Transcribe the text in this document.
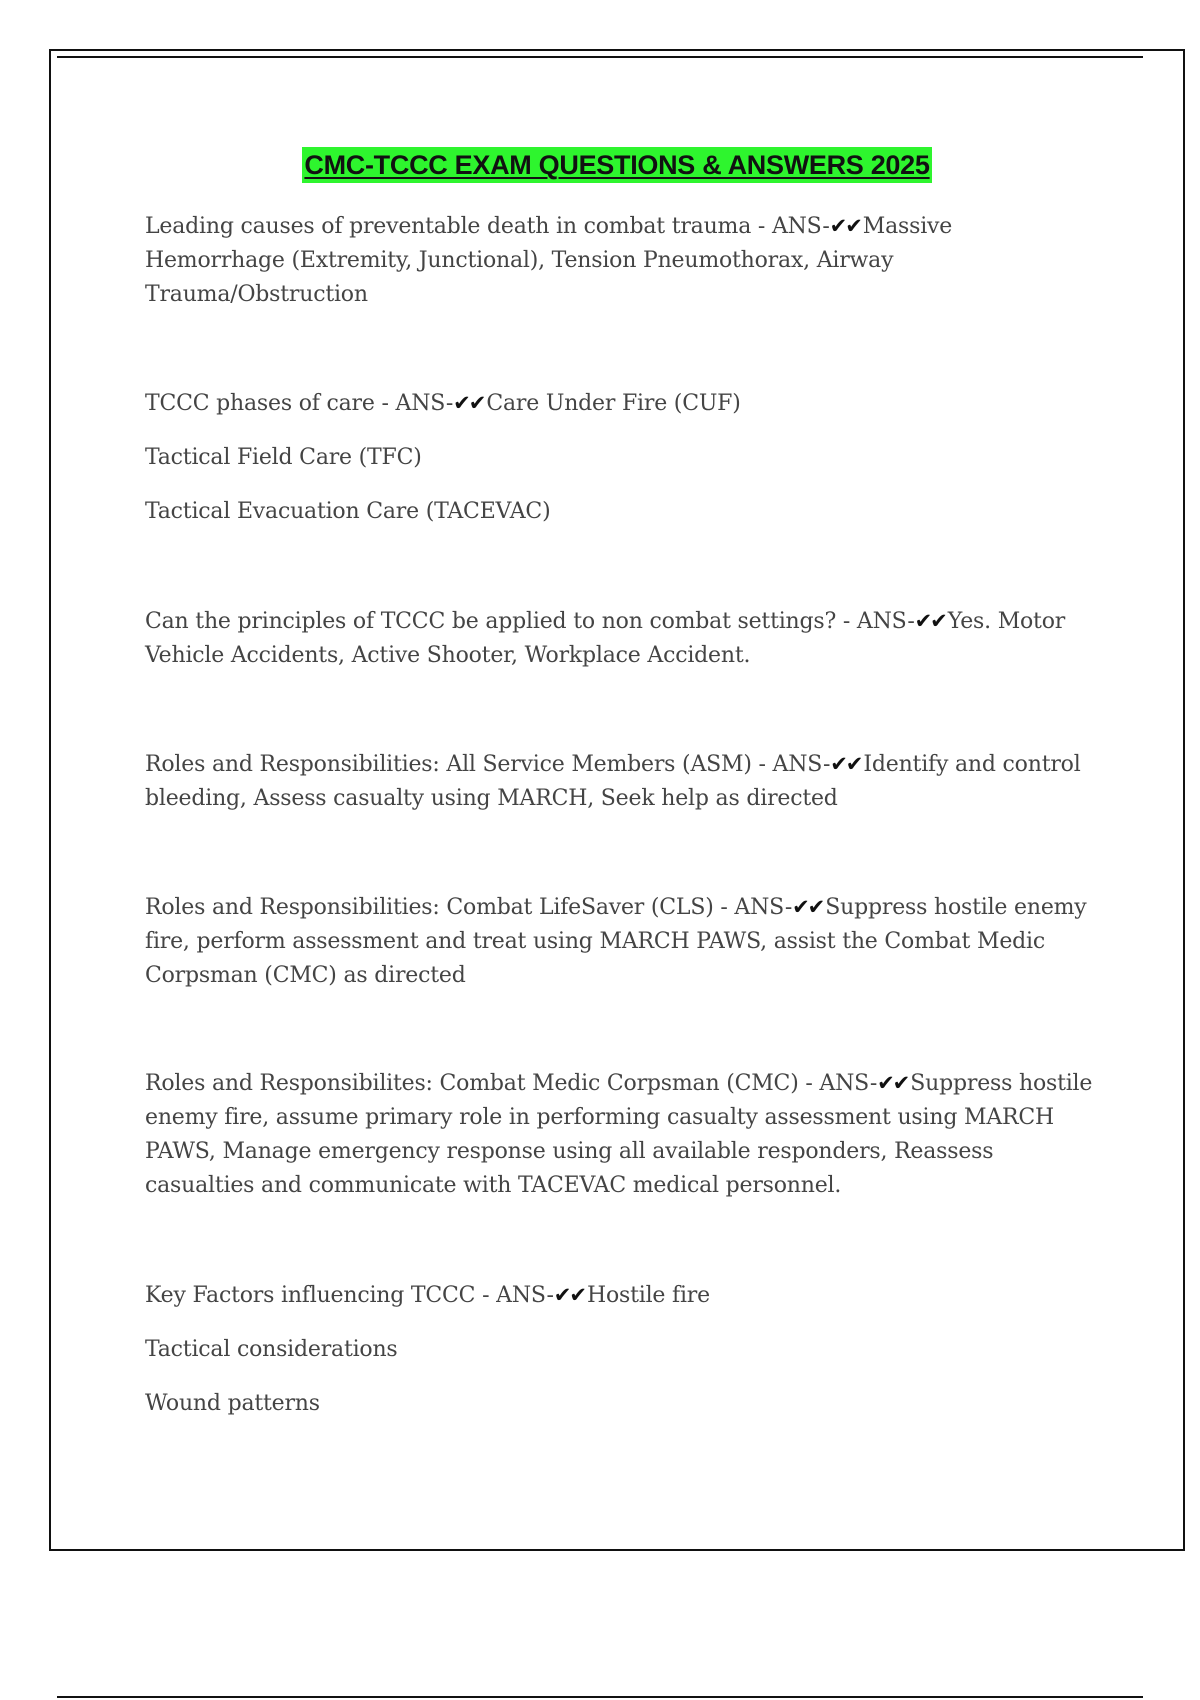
CMC-TCCC EXAM QUESTIONS & ANSWERS 2025

Leading causes of preventable death in combat trauma - ANS-✔✔Massive Hemorrhage (Extremity, Junctional), Tension Pneumothorax, Airway Trauma/Obstruction

TCCC phases of care - ANS-✔✔Care Under Fire (CUF)

Tactical Field Care (TFC)

Tactical Evacuation Care (TACEVAC)

Can the principles of TCCC be applied to non combat settings? - ANS-✔✔Yes. Motor Vehicle Accidents, Active Shooter, Workplace Accident.

Roles and Responsibilities: All Service Members (ASM) - ANS-✔✔Identify and control bleeding, Assess casualty using MARCH, Seek help as directed

Roles and Responsibilities: Combat LifeSaver (CLS) - ANS-✔✔Suppress hostile enemy fire, perform assessment and treat using MARCH PAWS, assist the Combat Medic Corpsman (CMC) as directed

Roles and Responsibilites: Combat Medic Corpsman (CMC) - ANS-✔✔Suppress hostile enemy fire, assume primary role in performing casualty assessment using MARCH PAWS, Manage emergency response using all available responders, Reassess casualties and communicate with TACEVAC medical personnel.

Key Factors influencing TCCC - ANS-✔✔Hostile fire

Tactical considerations

Wound patterns
